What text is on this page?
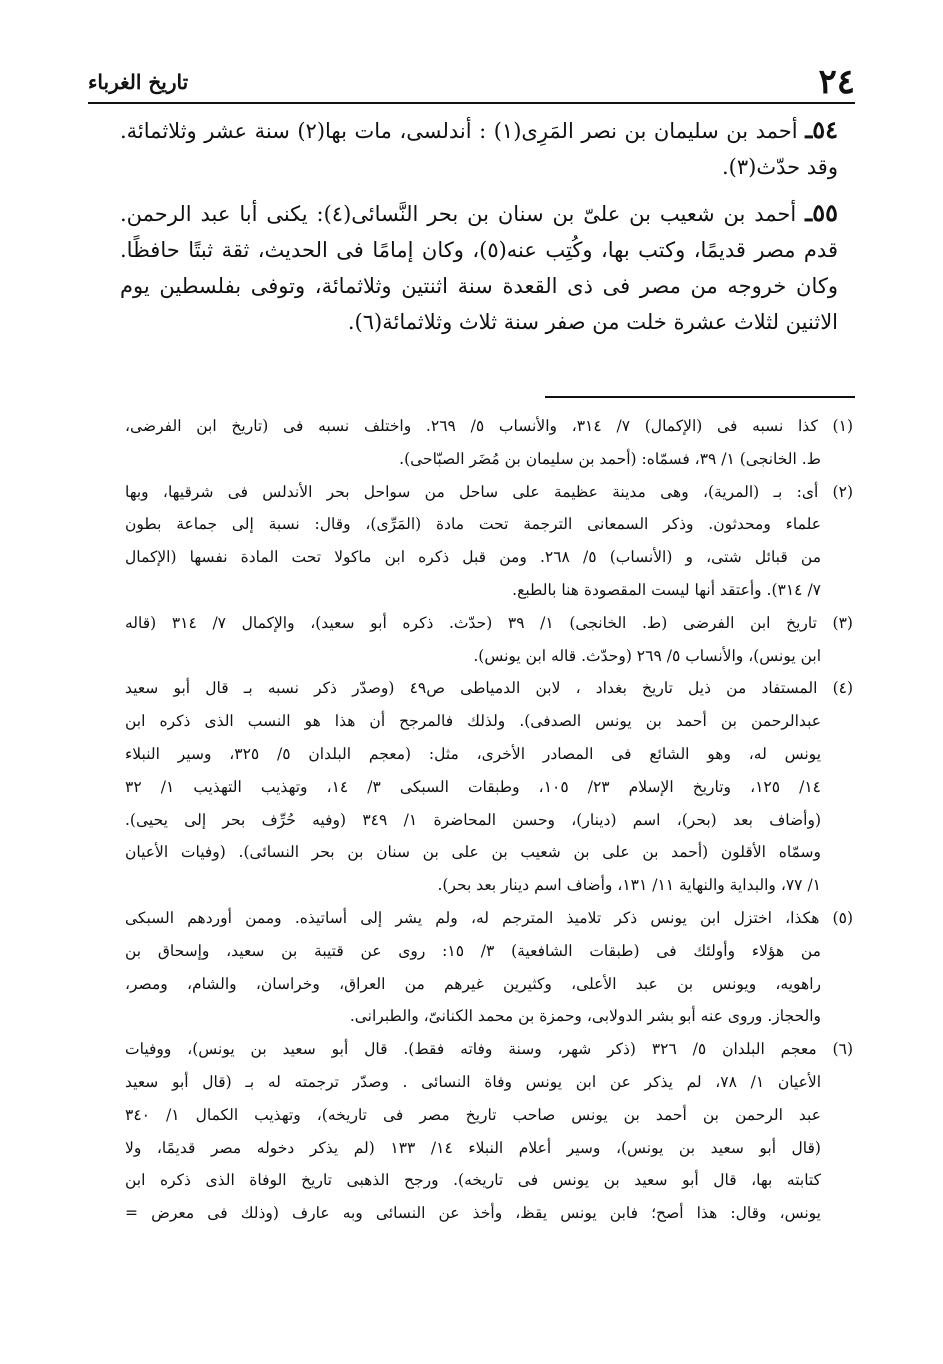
٢٤
تاريخ الغرباء
٥٤ـ أحمد بن سليمان بن نصر المَرِى(١) : أندلسى، مات بها(٢) سنة عشر وثلاثمائة.
وقد حدّث(٣).
٥٥ـ أحمد بن شعيب بن علىّ بن سنان بن بحر النَّسائى(٤): يكنى أبا عبد الرحمن.
قدم مصر قديمًا، وكتب بها، وكُتِب عنه(٥)، وكان إمامًا فى الحديث، ثقة ثبتًا حافظًا.
وكان خروجه من مصر فى ذى القعدة سنة اثنتين وثلاثمائة، وتوفى بفلسطين يوم
الاثنين لثلاث عشرة خلت من صفر سنة ثلاث وثلاثمائة(٦).
(١) كذا نسبه فى (الإكمال) ٧/ ٣١٤، والأنساب ٥/ ٢٦٩. واختلف نسبه فى (تاريخ ابن الفرضى،
ط. الخانجى) ١/ ٣٩، فسمّاه: (أحمد بن سليمان بن مُضَر الصبّاحى).
(٢) أى: بـ (المرية)، وهى مدينة عظيمة على ساحل من سواحل بحر الأندلس فى شرقيها، وبها
علماء ومحدثون. وذكر السمعانى الترجمة تحت مادة (المَرِّى)، وقال: نسبة إلى جماعة بطون
من قبائل شتى، و (الأنساب) ٥/ ٢٦٨. ومن قبل ذكره ابن ماكولا تحت المادة نفسها (الإكمال
٧/ ٣١٤). وأعتقد أنها ليست المقصودة هنا بالطبع.
(٣) تاريخ ابن الفرضى (ط. الخانجى) ١/ ٣٩ (حدّث. ذكره أبو سعيد)، والإكمال ٧/ ٣١٤ (قاله
ابن يونس)، والأنساب ٥/ ٢٦٩ (وحدّث. قاله ابن يونس).
(٤) المستفاد من ذيل تاريخ بغداد ، لابن الدمياطى ص٤٩ (وصدّر ذكر نسبه بـ قال أبو سعيد
عبدالرحمن بن أحمد بن يونس الصدفى). ولذلك فالمرجح أن هذا هو النسب الذى ذكره ابن
يونس له، وهو الشائع فى المصادر الأخرى، مثل: (معجم البلدان ٥/ ٣٢٥، وسير النبلاء
١٤/ ١٢٥، وتاريخ الإسلام ٢٣/ ١٠٥، وطبقات السبكى ٣/ ١٤، وتهذيب التهذيب ١/ ٣٢
(وأضاف بعد (بحر)، اسم (دينار)، وحسن المحاضرة ١/ ٣٤٩ (وفيه حُرِّف بحر إلى يحيى).
وسمّاه الأقلون (أحمد بن على بن شعيب بن على بن سنان بن بحر النسائى). (وفيات الأعيان
١/ ٧٧، والبداية والنهاية ١١/ ١٣١، وأضاف اسم دينار بعد بحر).
(٥) هكذا، اختزل ابن يونس ذكر تلاميذ المترجم له، ولم يشر إلى أساتيذه. وممن أوردهم السبكى
من هؤلاء وأولئك فى (طبقات الشافعية) ٣/ ١٥: روى عن قتيبة بن سعيد، وإسحاق بن
راهويه، ويونس بن عبد الأعلى، وكثيرين غيرهم من العراق، وخراسان، والشام، ومصر،
والحجاز. وروى عنه أبو بشر الدولابى، وحمزة بن محمد الكنانىّ، والطبرانى.
(٦) معجم البلدان ٥/ ٣٢٦ (ذكر شهر، وسنة وفاته فقط). قال أبو سعيد بن يونس)، ووفيات
الأعيان ١/ ٧٨، لم يذكر عن ابن يونس وفاة النسائى . وصدّر ترجمته له بـ (قال أبو سعيد
عبد الرحمن بن أحمد بن يونس صاحب تاريخ مصر فى تاريخه)، وتهذيب الكمال ١/ ٣٤٠
(قال أبو سعيد بن يونس)، وسير أعلام النبلاء ١٤/ ١٣٣ (لم يذكر دخوله مصر قديمًا، ولا
كتابته بها، قال أبو سعيد بن يونس فى تاريخه). ورجح الذهبى تاريخ الوفاة الذى ذكره ابن
يونس، وقال: هذا أصح؛ فابن يونس يقظ، وأخذ عن النسائى وبه عارف (وذلك فى معرض =
